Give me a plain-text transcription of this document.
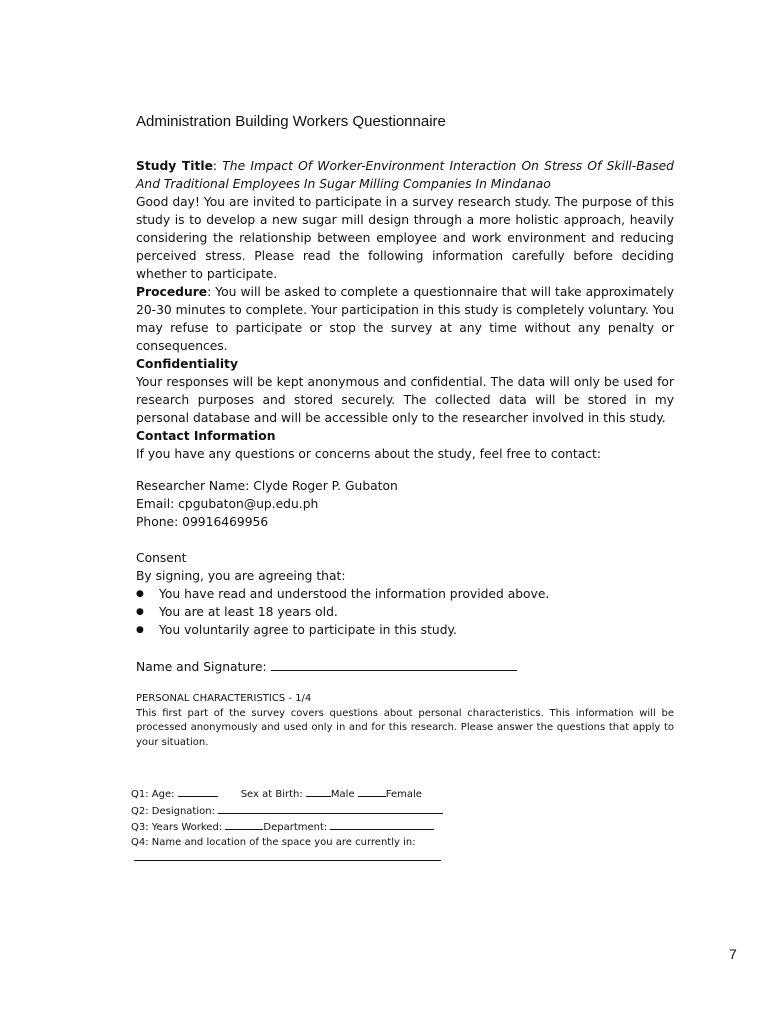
Administration Building Workers Questionnaire

Study Title: The Impact Of Worker-Environment Interaction On Stress Of Skill-Based And Traditional Employees In Sugar Milling Companies In Mindanao

Good day! You are invited to participate in a survey research study. The purpose of this study is to develop a new sugar mill design through a more holistic approach, heavily considering the relationship between employee and work environment and reducing perceived stress. Please read the following information carefully before deciding whether to participate.

Procedure: You will be asked to complete a questionnaire that will take approximately 20-30 minutes to complete. Your participation in this study is completely voluntary. You may refuse to participate or stop the survey at any time without any penalty or consequences.

Confidentiality

Your responses will be kept anonymous and confidential. The data will only be used for research purposes and stored securely. The collected data will be stored in my personal database and will be accessible only to the researcher involved in this study.

Contact Information

If you have any questions or concerns about the study, feel free to contact:

Researcher Name: Clyde Roger P. Gubaton

Email: cpgubaton@up.edu.ph

Phone: 09916469956

Consent

By signing, you are agreeing that:

● You have read and understood the information provided above.
● You are at least 18 years old.
● You voluntarily agree to participate in this study.

Name and Signature:

PERSONAL CHARACTERISTICS - 1/4

This first part of the survey covers questions about personal characteristics. This information will be processed anonymously and used only in and for this research. Please answer the questions that apply to your situation.

Q1: Age:	Sex at Birth:	Male	Female

Q2: Designation:

Q3: Years Worked:	Department:

Q4: Name and location of the space you are currently in:

7
